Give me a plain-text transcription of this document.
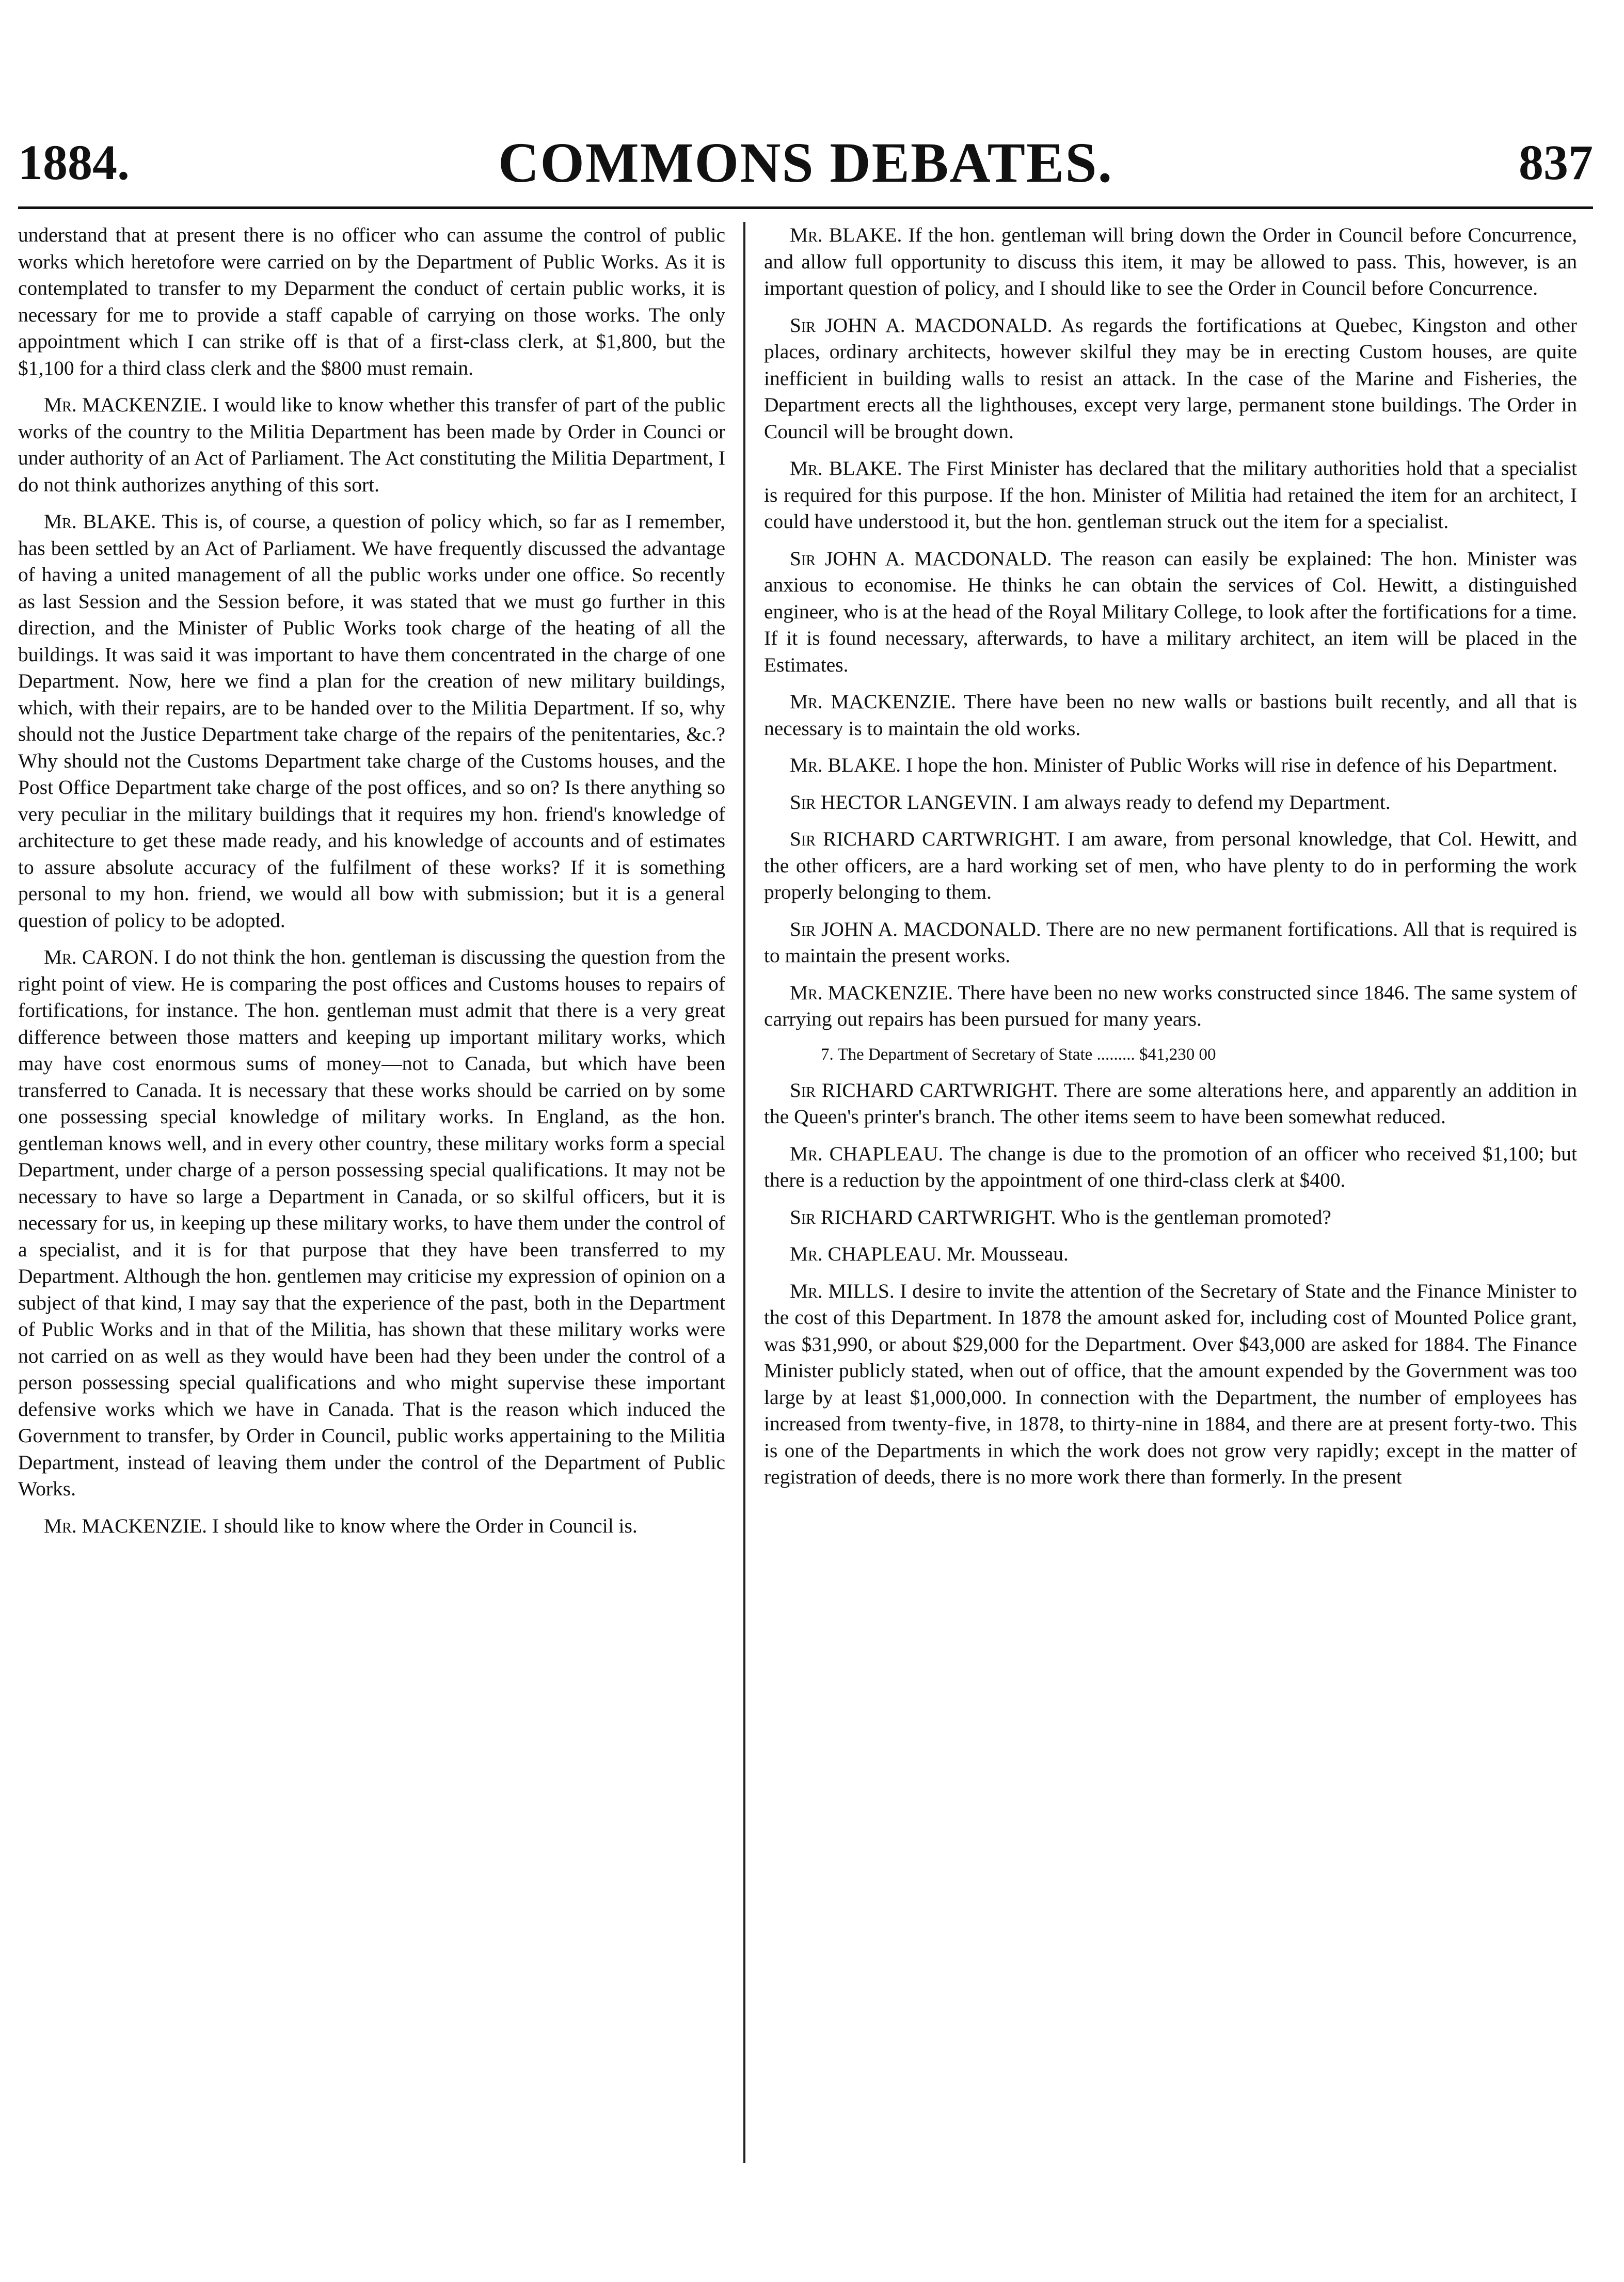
1884.	COMMONS DEBATES.	837

understand that at present there is no officer who can assume the control of public works which heretofore were carried on by the Department of Public Works. As it is contemplated to transfer to my Deparment the conduct of certain public works, it is necessary for me to provide a staff capable of carrying on those works. The only appointment which I can strike off is that of a first-class clerk, at $1,800, but the $1,100 for a third class clerk and the $800 must remain.

Mr. MACKENZIE. I would like to know whether this transfer of part of the public works of the country to the Militia Department has been made by Order in Counci or under authority of an Act of Parliament. The Act constituting the Militia Department, I do not think authorizes anything of this sort.

Mr. BLAKE. This is, of course, a question of policy which, so far as I remember, has been settled by an Act of Parliament. We have frequently discussed the advantage of having a united management of all the public works under one office. So recently as last Session and the Session before, it was stated that we must go further in this direction, and the Minister of Public Works took charge of the heating of all the buildings. It was said it was important to have them concentrated in the charge of one Department. Now, here we find a plan for the creation of new military buildings, which, with their repairs, are to be handed over to the Militia Department. If so, why should not the Justice Department take charge of the repairs of the penitentaries, &c.? Why should not the Customs Department take charge of the Customs houses, and the Post Office Department take charge of the post offices, and so on? Is there anything so very peculiar in the military buildings that it requires my hon. friend's knowledge of architecture to get these made ready, and his knowledge of accounts and of estimates to assure absolute accuracy of the fulfilment of these works? If it is something personal to my hon. friend, we would all bow with submission; but it is a general question of policy to be adopted.

Mr. CARON. I do not think the hon. gentleman is discussing the question from the right point of view. He is comparing the post offices and Customs houses to repairs of fortifications, for instance. The hon. gentleman must admit that there is a very great difference between those matters and keeping up important military works, which may have cost enormous sums of money—not to Canada, but which have been transferred to Canada. It is necessary that these works should be carried on by some one possessing special knowledge of military works. In England, as the hon. gentleman knows well, and in every other country, these military works form a special Department, under charge of a person possessing special qualifications. It may not be necessary to have so large a Department in Canada, or so skilful officers, but it is necessary for us, in keeping up these military works, to have them under the control of a specialist, and it is for that purpose that they have been transferred to my Department. Although the hon. gentlemen may criticise my expression of opinion on a subject of that kind, I may say that the experience of the past, both in the Department of Public Works and in that of the Militia, has shown that these military works were not carried on as well as they would have been had they been under the control of a person possessing special qualifications and who might supervise these important defensive works which we have in Canada. That is the reason which induced the Government to transfer, by Order in Council, public works appertaining to the Militia Department, instead of leaving them under the control of the Department of Public Works.

Mr. MACKENZIE. I should like to know where the Order in Council is.

Mr. BLAKE. If the hon. gentleman will bring down the Order in Council before Concurrence, and allow full opportunity to discuss this item, it may be allowed to pass. This, however, is an important question of policy, and I should like to see the Order in Council before Concurrence.

Sir JOHN A. MACDONALD. As regards the fortifications at Quebec, Kingston and other places, ordinary architects, however skilful they may be in erecting Custom houses, are quite inefficient in building walls to resist an attack. In the case of the Marine and Fisheries, the Department erects all the lighthouses, except very large, permanent stone buildings. The Order in Council will be brought down.

Mr. BLAKE. The First Minister has declared that the military authorities hold that a specialist is required for this purpose. If the hon. Minister of Militia had retained the item for an architect, I could have understood it, but the hon. gentleman struck out the item for a specialist.

Sir JOHN A. MACDONALD. The reason can easily be explained: The hon. Minister was anxious to economise. He thinks he can obtain the services of Col. Hewitt, a distinguished engineer, who is at the head of the Royal Military College, to look after the fortifications for a time. If it is found necessary, afterwards, to have a military architect, an item will be placed in the Estimates.

Mr. MACKENZIE. There have been no new walls or bastions built recently, and all that is necessary is to maintain the old works.

Mr. BLAKE. I hope the hon. Minister of Public Works will rise in defence of his Department.

Sir HECTOR LANGEVIN. I am always ready to defend my Department.

Sir RICHARD CARTWRIGHT. I am aware, from personal knowledge, that Col. Hewitt, and the other officers, are a hard working set of men, who have plenty to do in performing the work properly belonging to them.

Sir JOHN A. MACDONALD. There are no new permanent fortifications. All that is required is to maintain the present works.

Mr. MACKENZIE. There have been no new works constructed since 1846. The same system of carrying out repairs has been pursued for many years.

7. The Department of Secretary of State ......... $41,230 00

Sir RICHARD CARTWRIGHT. There are some alterations here, and apparently an addition in the Queen's printer's branch. The other items seem to have been somewhat reduced.

Mr. CHAPLEAU. The change is due to the promotion of an officer who received $1,100; but there is a reduction by the appointment of one third-class clerk at $400.

Sir RICHARD CARTWRIGHT. Who is the gentleman promoted?

Mr. CHAPLEAU. Mr. Mousseau.

Mr. MILLS. I desire to invite the attention of the Secretary of State and the Finance Minister to the cost of this Department. In 1878 the amount asked for, including cost of Mounted Police grant, was $31,990, or about $29,000 for the Department. Over $43,000 are asked for 1884. The Finance Minister publicly stated, when out of office, that the amount expended by the Government was too large by at least $1,000,000. In connection with the Department, the number of employees has increased from twenty-five, in 1878, to thirty-nine in 1884, and there are at present forty-two. This is one of the Departments in which the work does not grow very rapidly; except in the matter of registration of deeds, there is no more work there than formerly. In the present
